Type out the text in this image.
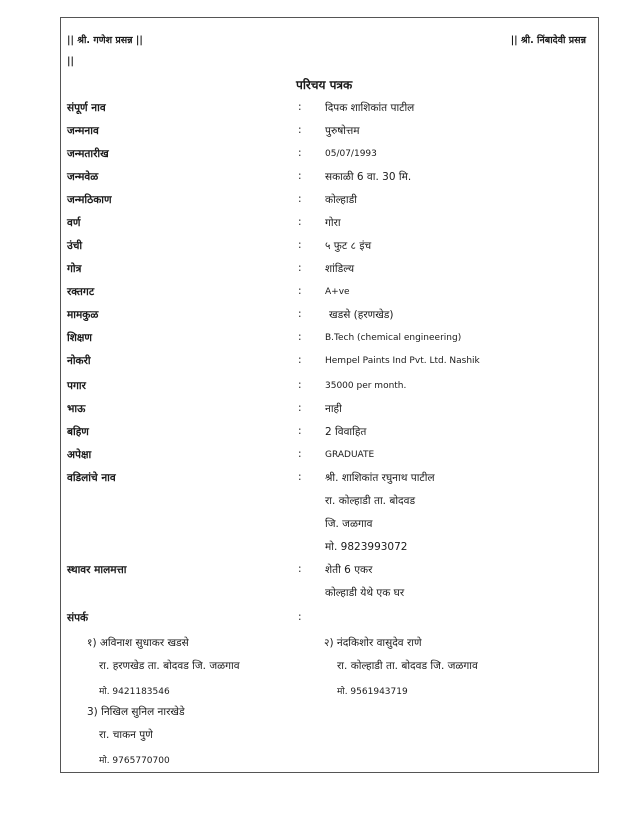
|| श्री. गणेश प्रसन्न ||	|| श्री. निंबादेवी प्रसन्न
||
परिचय पत्रक
संपूर्ण नाव	: दिपक शाशिकांत पाटील
जन्मनाव	: पुरुषोत्तम
जन्मतारीख	:	05/07/1993
जन्मवेळ	: सकाळी 6 वा. 30 मि.
जन्मठिकाण	: कोल्हाडी
वर्ण	: गोरा
उंची	: ५ फुट ८ इंच
गोत्र	: शांडिल्य
रक्तगट	:	A+ve
मामकुळ	:	खडसे (हरणखेड)
शिक्षण	:	B.Tech (chemical engineering)
नोकरी	:	Hempel Paints Ind Pvt. Ltd. Nashik
पगार	:	35000 per month.
भाऊ	: नाही
बहिण	: 2 विवाहित
अपेक्षा	:	GRADUATE
वडिलांचे नाव	: श्री. शाशिकांत रघुनाथ पाटील
रा. कोल्हाडी ता. बोदवड
जि. जळगाव
मो. 9823993072
स्थावर मालमत्ता	: शेती 6 एकर
कोल्हाडी येथे एक घर
संपर्क	:
१) अविनाश सुधाकर खडसे
रा. हरणखेड ता. बोदवड जि. जळगाव
मो. 9421183546
२) नंदकिशोर वासुदेव राणे
रा. कोल्हाडी ता. बोदवड जि. जळगाव
मो. 9561943719
3) निखिल सुनिल नारखेडे
रा. चाकन पुणे
मो. 9765770700
